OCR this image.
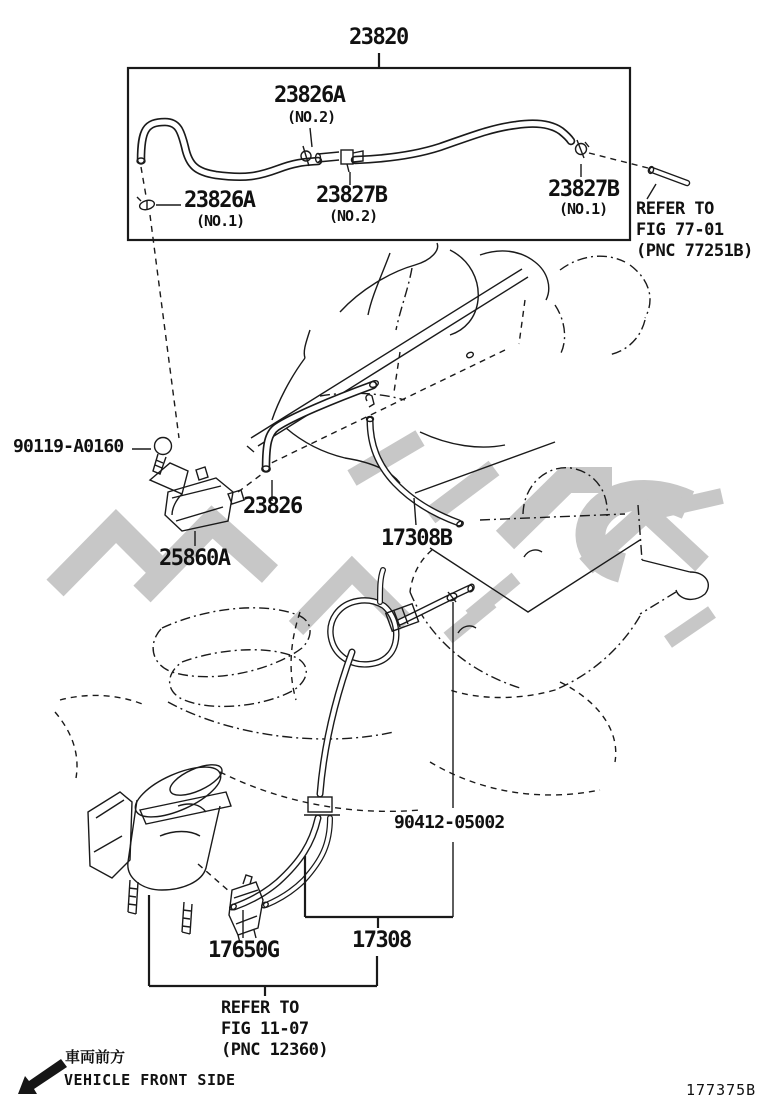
23820
23826A
(NO.2)
23826A
(NO.1)
23827B
(NO.2)
23827B
(NO.1) REFER TO
FIG 77-01
(PNC 77251B)
90119-A0160
23826
25860A
17308B
90412-05002
17308
17650G
REFER TO
FIG 11-07
(PNC 12360)
車両前方
VEHICLE FRONT SIDE
177375B
